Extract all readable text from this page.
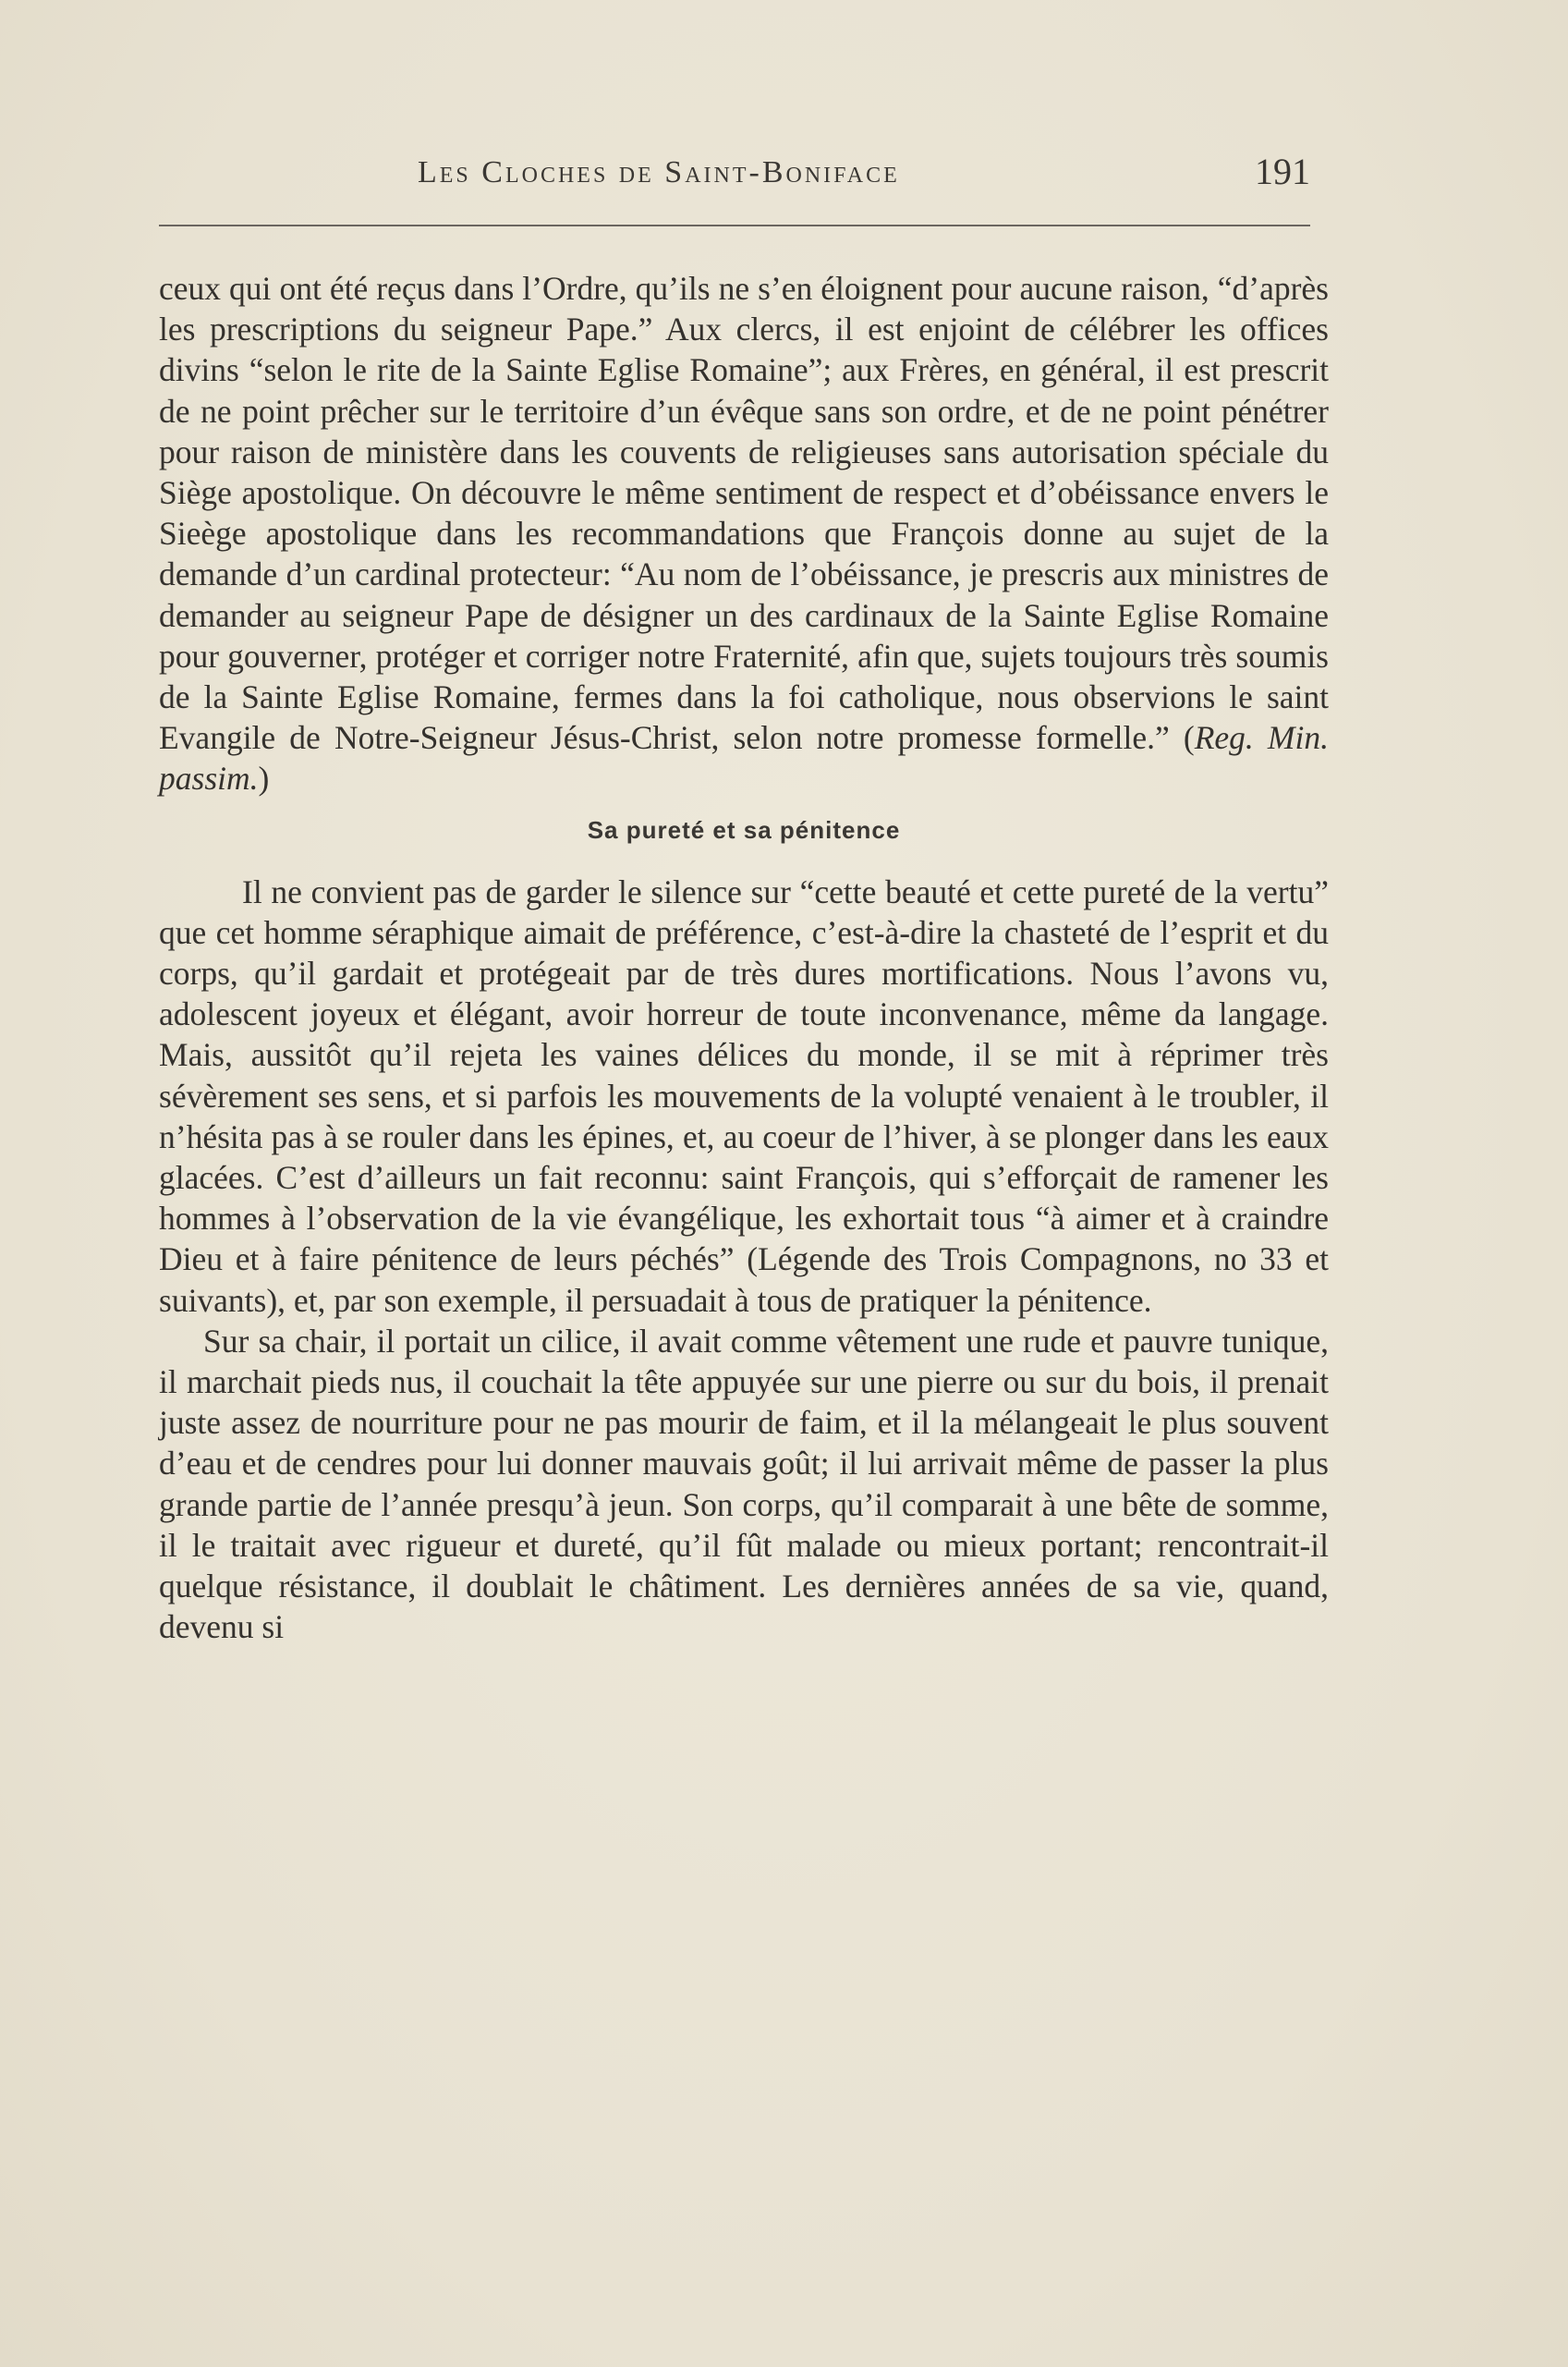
Les Cloches de Saint-Boniface	191

ceux qui ont été reçus dans l’Ordre, qu’ils ne s’en éloignent pour aucune raison, “d’après les prescriptions du seigneur Pape.” Aux clercs, il est enjoint de célébrer les offices divins “selon le rite de la Sainte Eglise Romaine”; aux Frères, en général, il est prescrit de ne point prêcher sur le territoire d’un évêque sans son ordre, et de ne point pénétrer pour raison de ministère dans les couvents de religieuses sans autorisation spéciale du Siège apostolique. On découvre le même sentiment de respect et d’obéissance envers le Sieège apostolique dans les recommandations que François donne au sujet de la demande d’un cardinal protecteur: “Au nom de l’obéissance, je prescris aux ministres de demander au seigneur Pape de désigner un des cardinaux de la Sainte Eglise Romaine pour gouverner, protéger et corriger notre Fraternité, afin que, sujets toujours très soumis de la Sainte Eglise Romaine, fermes dans la foi catholique, nous observions le saint Evangile de Notre-Seigneur Jésus-Christ, selon notre promesse formelle.” (Reg. Min. passim.)

Sa pureté et sa pénitence

Il ne convient pas de garder le silence sur “cette beauté et cette pureté de la vertu” que cet homme séraphique aimait de préférence, c’est-à-dire la chasteté de l’esprit et du corps, qu’il gardait et protégeait par de très dures mortifications. Nous l’avons vu, adolescent joyeux et élégant, avoir horreur de toute inconvenance, même da langage. Mais, aussitôt qu’il rejeta les vaines délices du monde, il se mit à réprimer très sévèrement ses sens, et si parfois les mouvements de la volupté venaient à le troubler, il n’hésita pas à se rouler dans les épines, et, au coeur de l’hiver, à se plonger dans les eaux glacées. C’est d’ailleurs un fait reconnu: saint François, qui s’efforçait de ramener les hommes à l’observation de la vie évangélique, les exhortait tous “à aimer et à craindre Dieu et à faire pénitence de leurs péchés” (Légende des Trois Compagnons, no 33 et suivants), et, par son exemple, il persuadait à tous de pratiquer la pénitence.

Sur sa chair, il portait un cilice, il avait comme vêtement une rude et pauvre tunique, il marchait pieds nus, il couchait la tête appuyée sur une pierre ou sur du bois, il prenait juste assez de nourriture pour ne pas mourir de faim, et il la mélangeait le plus souvent d’eau et de cendres pour lui donner mauvais goût; il lui arrivait même de passer la plus grande partie de l’année presqu’à jeun. Son corps, qu’il comparait à une bête de somme, il le traitait avec rigueur et dureté, qu’il fût malade ou mieux portant; rencontrait-il quelque résistance, il doublait le châtiment. Les dernières années de sa vie, quand, devenu si
